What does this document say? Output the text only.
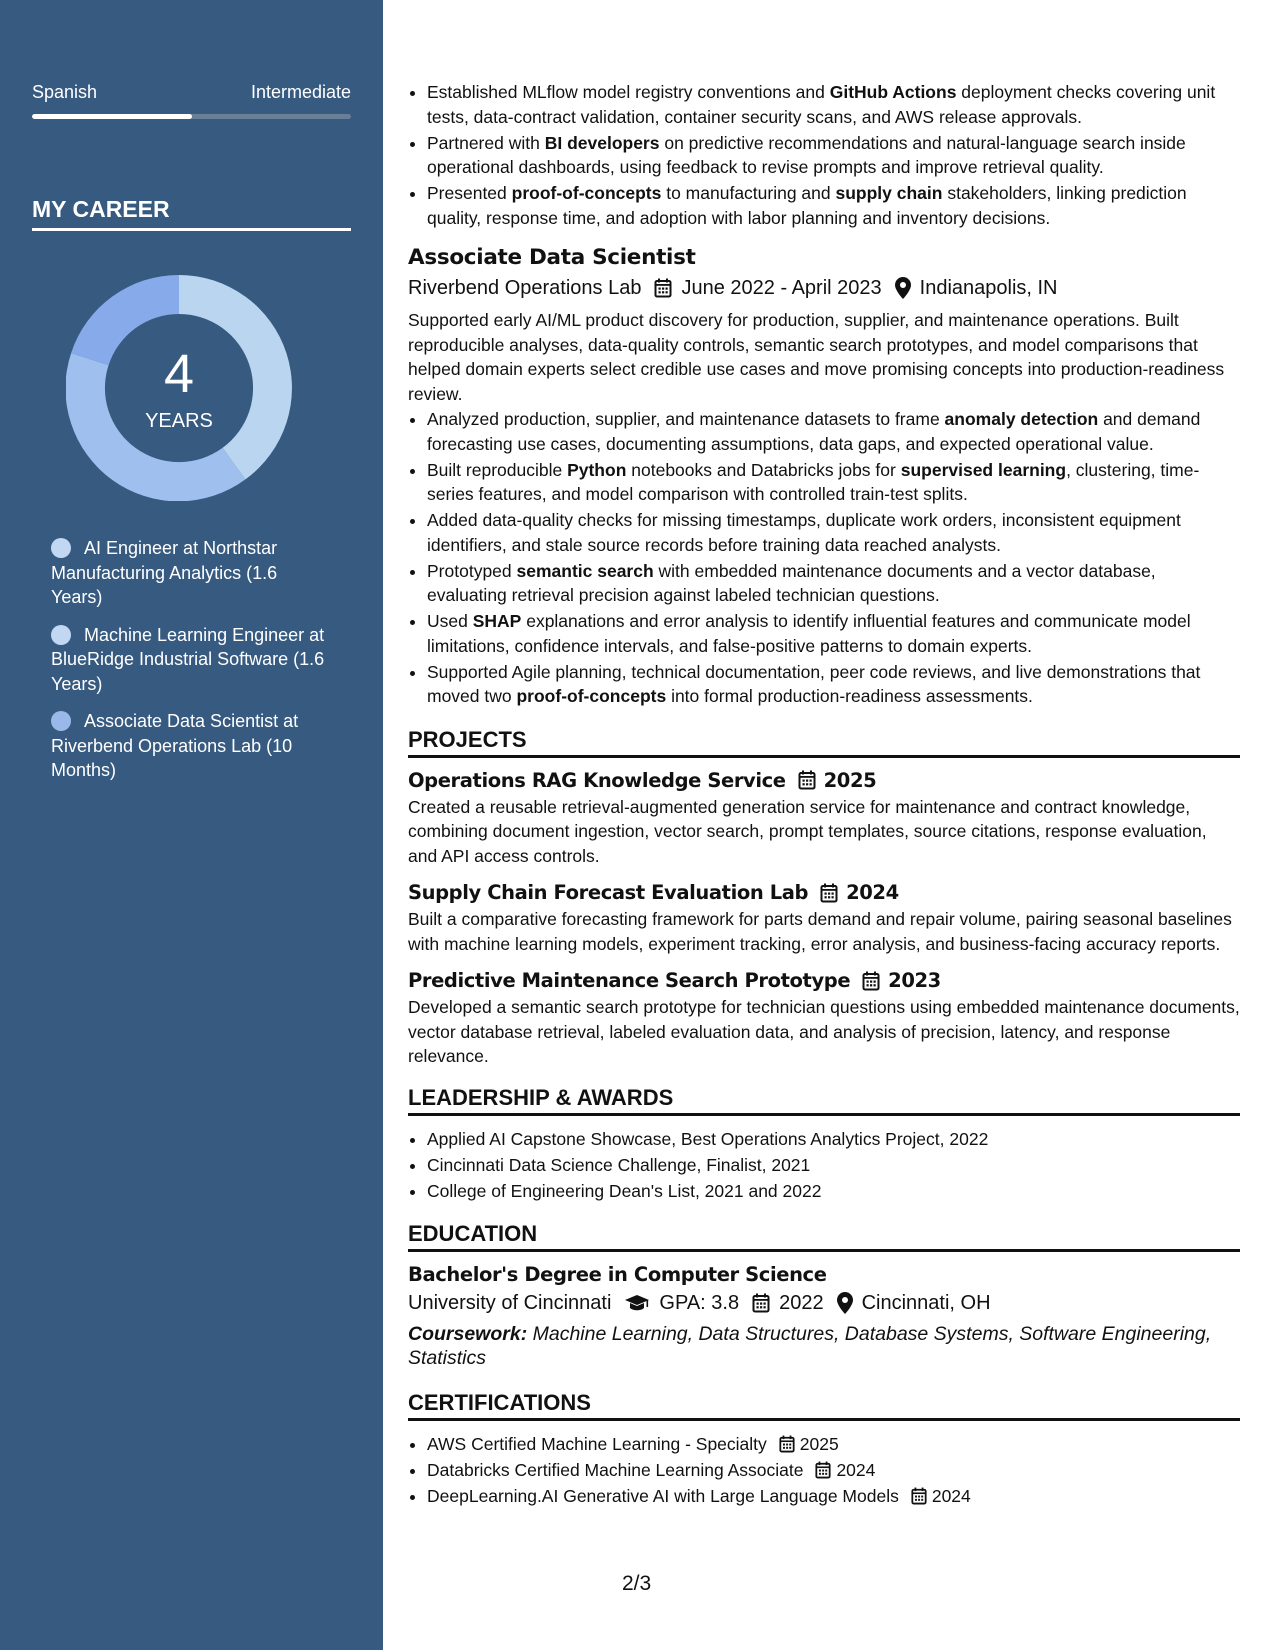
Spanish	Intermediate
MY CAREER
4
YEARS
AI Engineer at Northstar Manufacturing Analytics (1.6 Years)
Machine Learning Engineer at BlueRidge Industrial Software (1.6 Years)
Associate Data Scientist at Riverbend Operations Lab (10 Months)
• Established MLflow model registry conventions and GitHub Actions deployment checks covering unit tests, data-contract validation, container security scans, and AWS release approvals.
• Partnered with BI developers on predictive recommendations and natural-language search inside operational dashboards, using feedback to revise prompts and improve retrieval quality.
• Presented proof-of-concepts to manufacturing and supply chain stakeholders, linking prediction quality, response time, and adoption with labor planning and inventory decisions.
Associate Data Scientist
Riverbend Operations Lab June 2022 - April 2023 Indianapolis, IN
Supported early AI/ML product discovery for production, supplier, and maintenance operations. Built reproducible analyses, data-quality controls, semantic search prototypes, and model comparisons that helped domain experts select credible use cases and move promising concepts into production-readiness review.
• Analyzed production, supplier, and maintenance datasets to frame anomaly detection and demand forecasting use cases, documenting assumptions, data gaps, and expected operational value.
• Built reproducible Python notebooks and Databricks jobs for supervised learning, clustering, time-series features, and model comparison with controlled train-test splits.
• Added data-quality checks for missing timestamps, duplicate work orders, inconsistent equipment identifiers, and stale source records before training data reached analysts.
• Prototyped semantic search with embedded maintenance documents and a vector database, evaluating retrieval precision against labeled technician questions.
• Used SHAP explanations and error analysis to identify influential features and communicate model limitations, confidence intervals, and false-positive patterns to domain experts.
• Supported Agile planning, technical documentation, peer code reviews, and live demonstrations that moved two proof-of-concepts into formal production-readiness assessments.
PROJECTS
Operations RAG Knowledge Service 2025
Created a reusable retrieval-augmented generation service for maintenance and contract knowledge, combining document ingestion, vector search, prompt templates, source citations, response evaluation, and API access controls.
Supply Chain Forecast Evaluation Lab 2024
Built a comparative forecasting framework for parts demand and repair volume, pairing seasonal baselines with machine learning models, experiment tracking, error analysis, and business-facing accuracy reports.
Predictive Maintenance Search Prototype 2023
Developed a semantic search prototype for technician questions using embedded maintenance documents, vector database retrieval, labeled evaluation data, and analysis of precision, latency, and response relevance.
LEADERSHIP & AWARDS
• Applied AI Capstone Showcase, Best Operations Analytics Project, 2022
• Cincinnati Data Science Challenge, Finalist, 2021
• College of Engineering Dean's List, 2021 and 2022
EDUCATION
Bachelor's Degree in Computer Science
University of Cincinnati GPA: 3.8 2022 Cincinnati, OH
Coursework: Machine Learning, Data Structures, Database Systems, Software Engineering, Statistics
CERTIFICATIONS
• AWS Certified Machine Learning - Specialty 2025
• Databricks Certified Machine Learning Associate 2024
• DeepLearning.AI Generative AI with Large Language Models 2024
2/3
